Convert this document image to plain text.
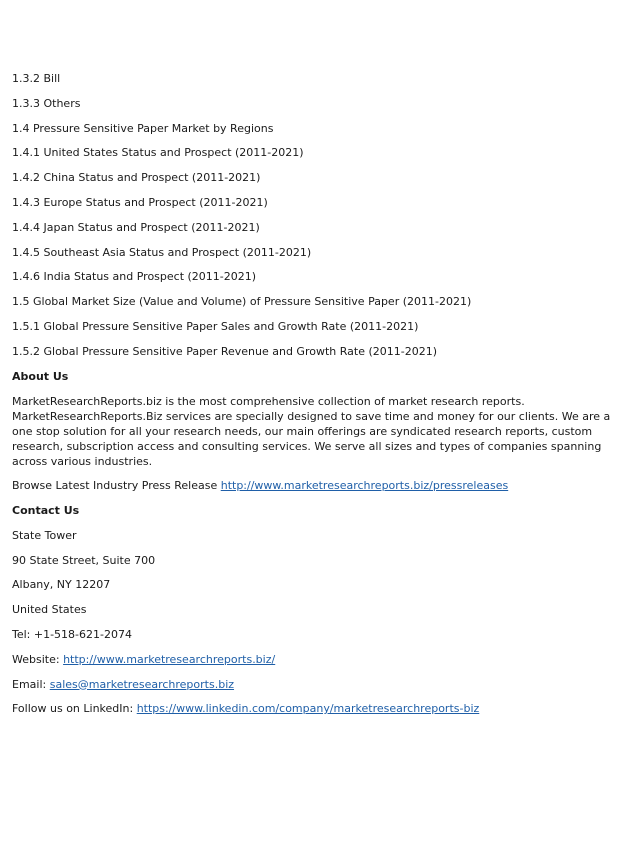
1.3.2 Bill

1.3.3 Others

1.4 Pressure Sensitive Paper Market by Regions

1.4.1 United States Status and Prospect (2011-2021)

1.4.2 China Status and Prospect (2011-2021)

1.4.3 Europe Status and Prospect (2011-2021)

1.4.4 Japan Status and Prospect (2011-2021)

1.4.5 Southeast Asia Status and Prospect (2011-2021)

1.4.6 India Status and Prospect (2011-2021)

1.5 Global Market Size (Value and Volume) of Pressure Sensitive Paper (2011-2021)

1.5.1 Global Pressure Sensitive Paper Sales and Growth Rate (2011-2021)

1.5.2 Global Pressure Sensitive Paper Revenue and Growth Rate (2011-2021)

About Us

MarketResearchReports.biz is the most comprehensive collection of market research reports.

MarketResearchReports.Biz services are specially designed to save time and money for our clients. We are a one stop solution for all your research needs, our main offerings are syndicated research reports, custom research, subscription access and consulting services. We serve all sizes and types of companies spanning across various industries.

Browse Latest Industry Press Release http://www.marketresearchreports.biz/pressreleases

Contact Us

State Tower

90 State Street, Suite 700

Albany, NY 12207

United States

Tel: +1-518-621-2074

Website: http://www.marketresearchreports.biz/

Email: sales@marketresearchreports.biz

Follow us on LinkedIn: https://www.linkedin.com/company/marketresearchreports-biz
